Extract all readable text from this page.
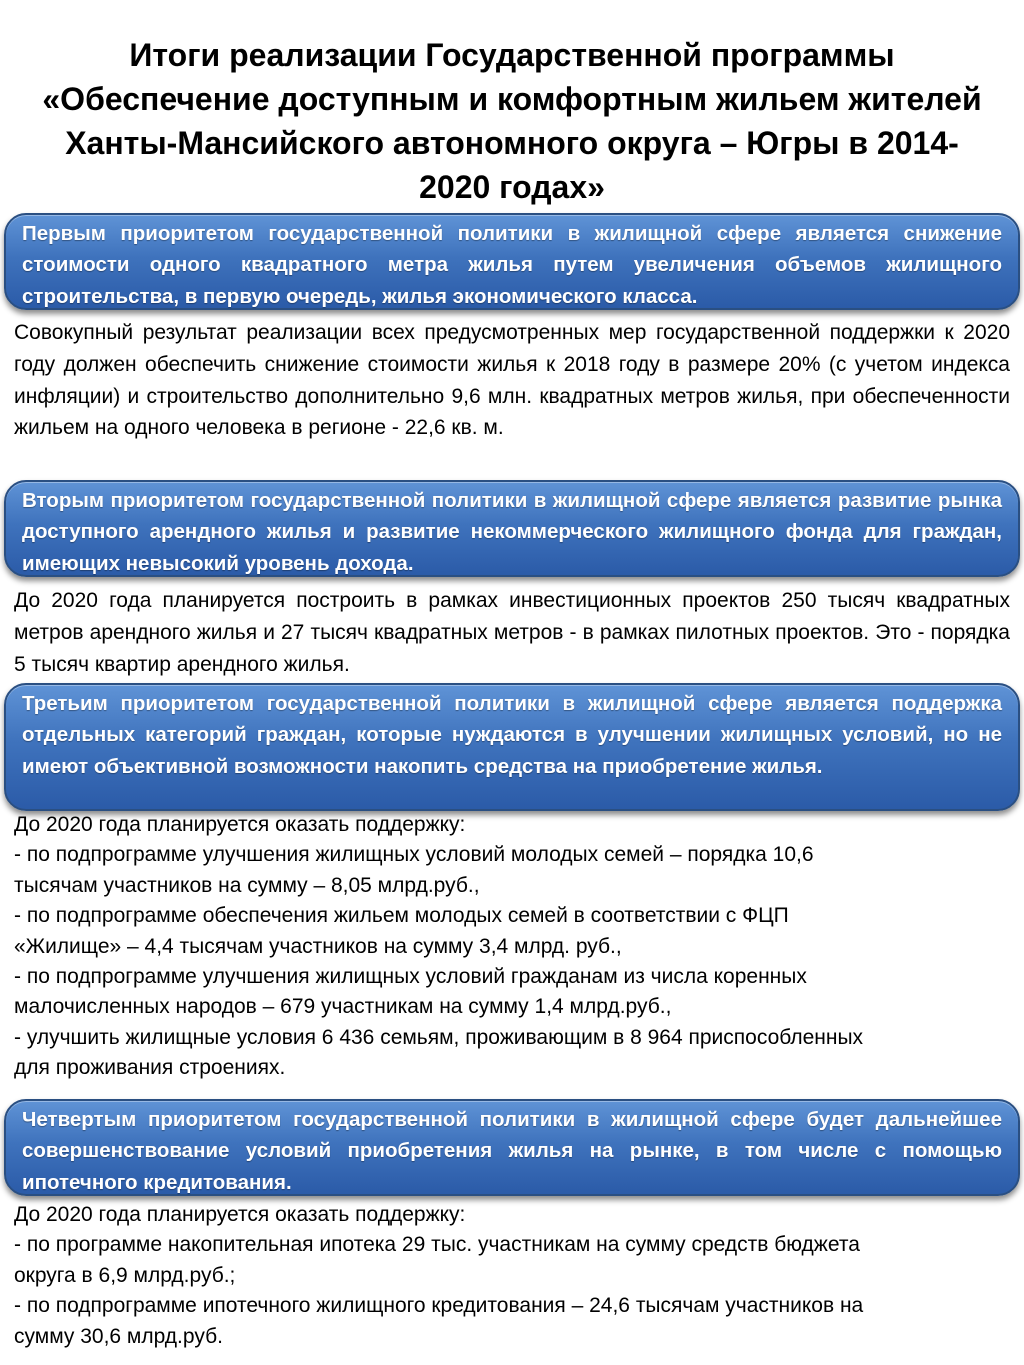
Итоги реализации Государственной программы
«Обеспечение доступным и комфортным жильем жителей
Ханты-Мансийского автономного округа – Югры в 2014-
2020 годах»
Первым приоритетом государственной политики в жилищной сфере является снижение стоимости одного квадратного метра жилья путем увеличения объемов жилищного строительства, в первую очередь, жилья экономического класса.
Совокупный результат реализации всех предусмотренных мер государственной поддержки к 2020 году должен обеспечить снижение стоимости жилья к 2018 году в размере 20% (с учетом индекса инфляции) и строительство дополнительно 9,6 млн. квадратных метров жилья, при обеспеченности жильем на одного человека в регионе - 22,6 кв. м.
Вторым приоритетом государственной политики в жилищной сфере является развитие рынка доступного арендного жилья и развитие некоммерческого жилищного фонда для граждан, имеющих невысокий уровень дохода.
До 2020 года планируется построить в рамках инвестиционных проектов 250 тысяч квадратных метров арендного жилья и 27 тысяч квадратных метров - в рамках пилотных проектов. Это - порядка 5 тысяч квартир арендного жилья.
Третьим приоритетом государственной политики в жилищной сфере является поддержка отдельных категорий граждан, которые нуждаются в улучшении жилищных условий, но не имеют объективной возможности накопить средства на приобретение жилья.
До 2020 года планируется оказать поддержку:
- по подпрограмме улучшения жилищных условий молодых семей – порядка 10,6
тысячам участников на сумму – 8,05 млрд.руб.,
- по подпрограмме обеспечения жильем молодых семей в соответствии с ФЦП
«Жилище» – 4,4 тысячам участников на сумму 3,4 млрд. руб.,
- по подпрограмме улучшения жилищных условий гражданам из числа коренных
малочисленных народов – 679 участникам на сумму 1,4 млрд.руб.,
- улучшить жилищные условия 6 436 семьям, проживающим в 8 964 приспособленных
для проживания строениях.
Четвертым приоритетом государственной политики в жилищной сфере будет дальнейшее совершенствование условий приобретения жилья на рынке, в том числе с помощью ипотечного кредитования.
До 2020 года планируется оказать поддержку:
- по программе накопительная ипотека 29 тыс. участникам на сумму средств бюджета
округа в 6,9 млрд.руб.;
- по подпрограмме ипотечного жилищного кредитования – 24,6 тысячам участников на
сумму 30,6 млрд.руб.
